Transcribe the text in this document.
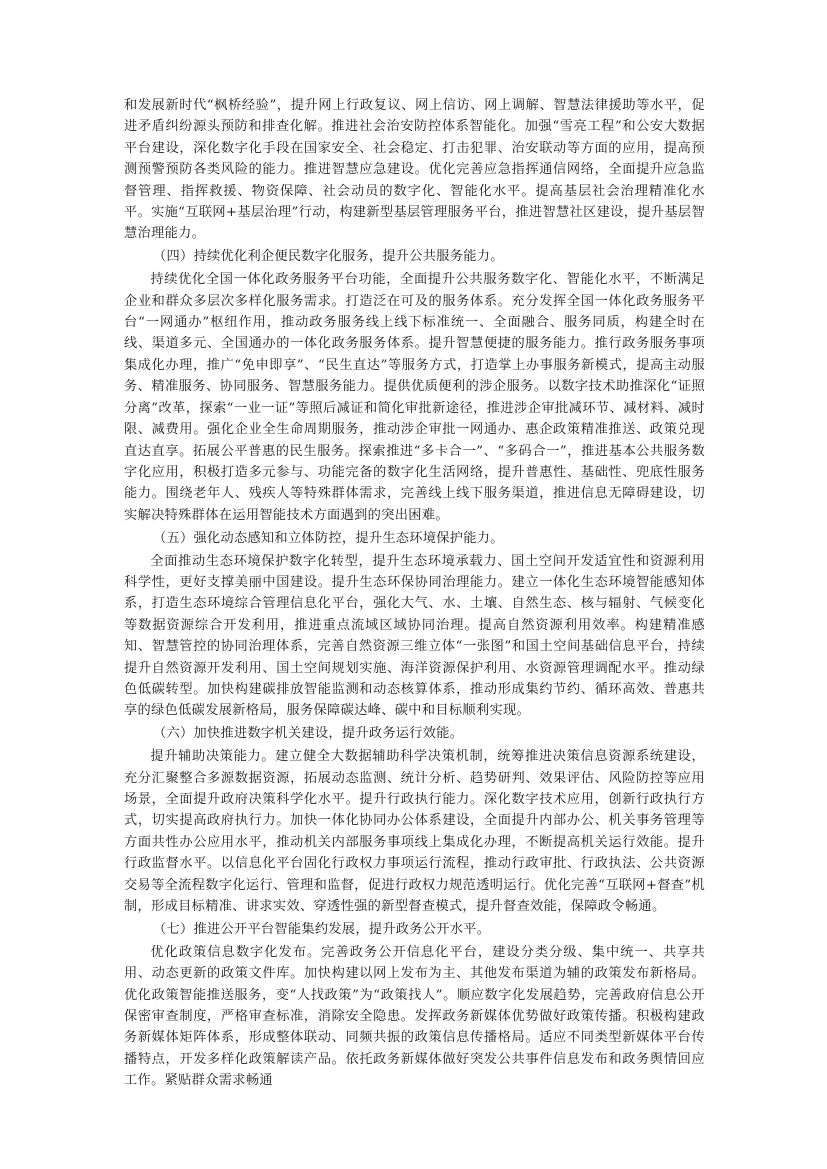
和发展新时代“枫桥经验”，提升网上行政复议、网上信访、网上调解、智慧法律援助等水平，促进矛盾纠纷源头预防和排查化解。推进社会治安防控体系智能化。加强“雪亮工程”和公安大数据平台建设，深化数字化手段在国家安全、社会稳定、打击犯罪、治安联动等方面的应用，提高预测预警预防各类风险的能力。推进智慧应急建设。优化完善应急指挥通信网络，全面提升应急监督管理、指挥救援、物资保障、社会动员的数字化、智能化水平。提高基层社会治理精准化水平。实施“互联网+基层治理”行动，构建新型基层管理服务平台，推进智慧社区建设，提升基层智慧治理能力。

（四）持续优化利企便民数字化服务，提升公共服务能力。

持续优化全国一体化政务服务平台功能，全面提升公共服务数字化、智能化水平，不断满足企业和群众多层次多样化服务需求。打造泛在可及的服务体系。充分发挥全国一体化政务服务平台“一网通办”枢纽作用，推动政务服务线上线下标准统一、全面融合、服务同质，构建全时在线、渠道多元、全国通办的一体化政务服务体系。提升智慧便捷的服务能力。推行政务服务事项集成化办理，推广“免申即享”、“民生直达”等服务方式，打造掌上办事服务新模式，提高主动服务、精准服务、协同服务、智慧服务能力。提供优质便利的涉企服务。以数字技术助推深化“证照分离”改革，探索“一业一证”等照后减证和简化审批新途径，推进涉企审批减环节、减材料、减时限、减费用。强化企业全生命周期服务，推动涉企审批一网通办、惠企政策精准推送、政策兑现直达直享。拓展公平普惠的民生服务。探索推进“多卡合一”、“多码合一”，推进基本公共服务数字化应用，积极打造多元参与、功能完备的数字化生活网络，提升普惠性、基础性、兜底性服务能力。围绕老年人、残疾人等特殊群体需求，完善线上线下服务渠道，推进信息无障碍建设，切实解决特殊群体在运用智能技术方面遇到的突出困难。

（五）强化动态感知和立体防控，提升生态环境保护能力。

全面推动生态环境保护数字化转型，提升生态环境承载力、国土空间开发适宜性和资源利用科学性，更好支撑美丽中国建设。提升生态环保协同治理能力。建立一体化生态环境智能感知体系，打造生态环境综合管理信息化平台，强化大气、水、土壤、自然生态、核与辐射、气候变化等数据资源综合开发利用，推进重点流域区域协同治理。提高自然资源利用效率。构建精准感知、智慧管控的协同治理体系，完善自然资源三维立体“一张图”和国土空间基础信息平台，持续提升自然资源开发利用、国土空间规划实施、海洋资源保护利用、水资源管理调配水平。推动绿色低碳转型。加快构建碳排放智能监测和动态核算体系，推动形成集约节约、循环高效、普惠共享的绿色低碳发展新格局，服务保障碳达峰、碳中和目标顺利实现。

（六）加快推进数字机关建设，提升政务运行效能。

提升辅助决策能力。建立健全大数据辅助科学决策机制，统筹推进决策信息资源系统建设，充分汇聚整合多源数据资源，拓展动态监测、统计分析、趋势研判、效果评估、风险防控等应用场景，全面提升政府决策科学化水平。提升行政执行能力。深化数字技术应用，创新行政执行方式，切实提高政府执行力。加快一体化协同办公体系建设，全面提升内部办公、机关事务管理等方面共性办公应用水平，推动机关内部服务事项线上集成化办理，不断提高机关运行效能。提升行政监督水平。以信息化平台固化行政权力事项运行流程，推动行政审批、行政执法、公共资源交易等全流程数字化运行、管理和监督，促进行政权力规范透明运行。优化完善“互联网+督查”机制，形成目标精准、讲求实效、穿透性强的新型督查模式，提升督查效能，保障政令畅通。

（七）推进公开平台智能集约发展，提升政务公开水平。

优化政策信息数字化发布。完善政务公开信息化平台，建设分类分级、集中统一、共享共用、动态更新的政策文件库。加快构建以网上发布为主、其他发布渠道为辅的政策发布新格局。优化政策智能推送服务，变“人找政策”为“政策找人”。顺应数字化发展趋势，完善政府信息公开保密审查制度，严格审查标准，消除安全隐患。发挥政务新媒体优势做好政策传播。积极构建政务新媒体矩阵体系，形成整体联动、同频共振的政策信息传播格局。适应不同类型新媒体平台传播特点，开发多样化政策解读产品。依托政务新媒体做好突发公共事件信息发布和政务舆情回应工作。紧贴群众需求畅通
